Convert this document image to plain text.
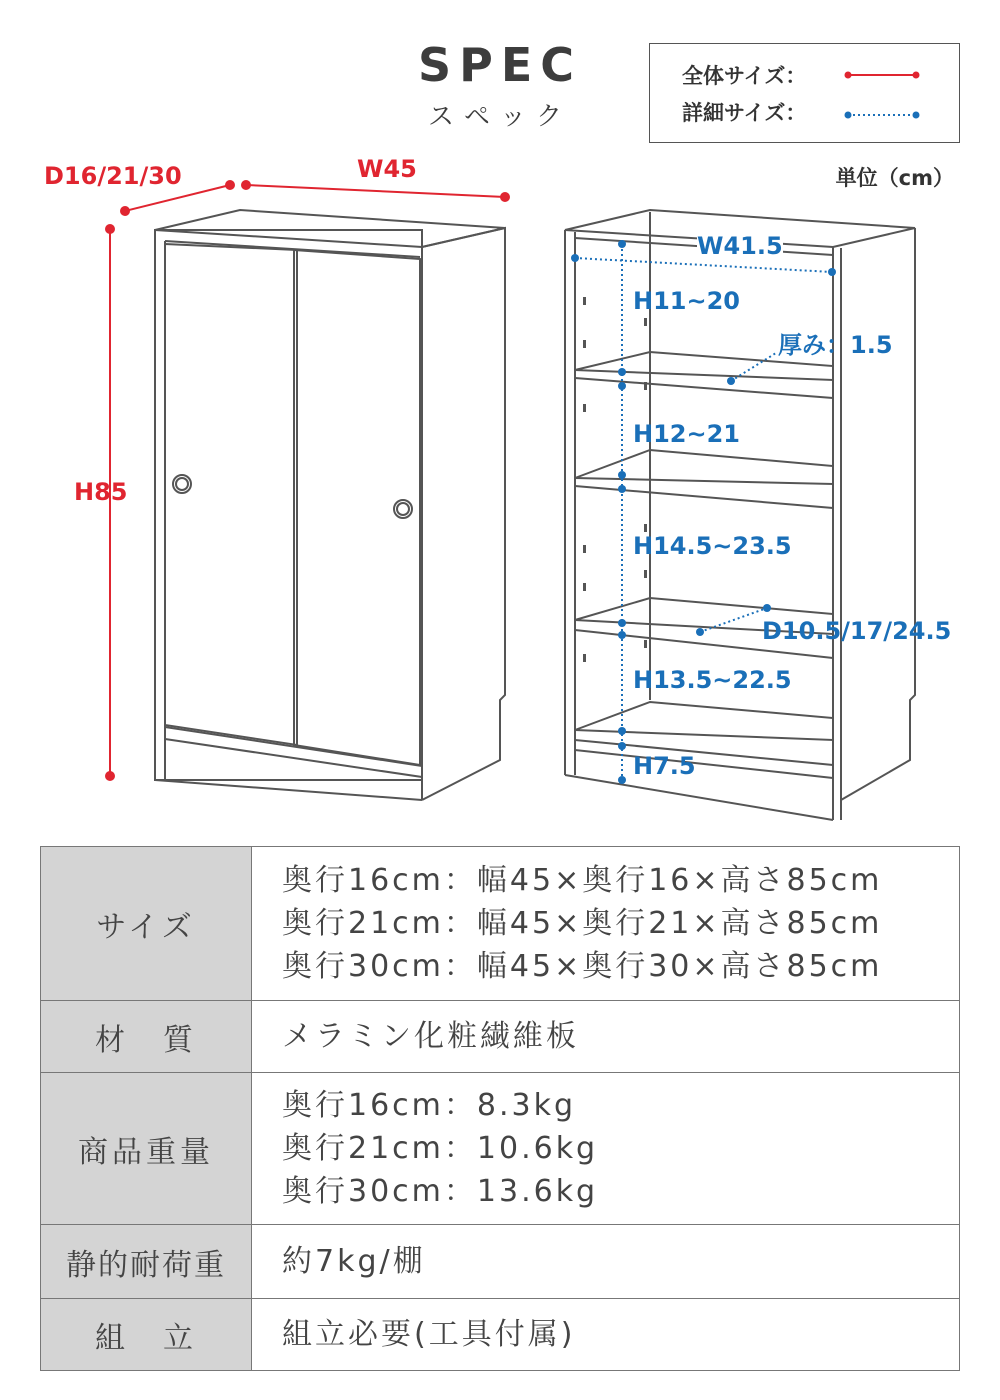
SPEC
スペック
全体サイズ：
詳細サイズ：
単位（cm）
D16/21/30	W45
H85
W41.5
H11~20
厚み：1.5
H12~21
H14.5~23.5
D10.5/17/24.5
H13.5~22.5
H7.5
サイズ	奥行16cm：幅45×奥行16×高さ85cm
奥行21cm：幅45×奥行21×高さ85cm
奥行30cm：幅45×奥行30×高さ85cm

材　質	メラミン化粧繊維板
商品重量	奥行16cm：8.3kg
奥行21cm：10.6kg
奥行30cm：13.6kg

静的耐荷重	約7kg/棚
組　立	組立必要(工具付属)
